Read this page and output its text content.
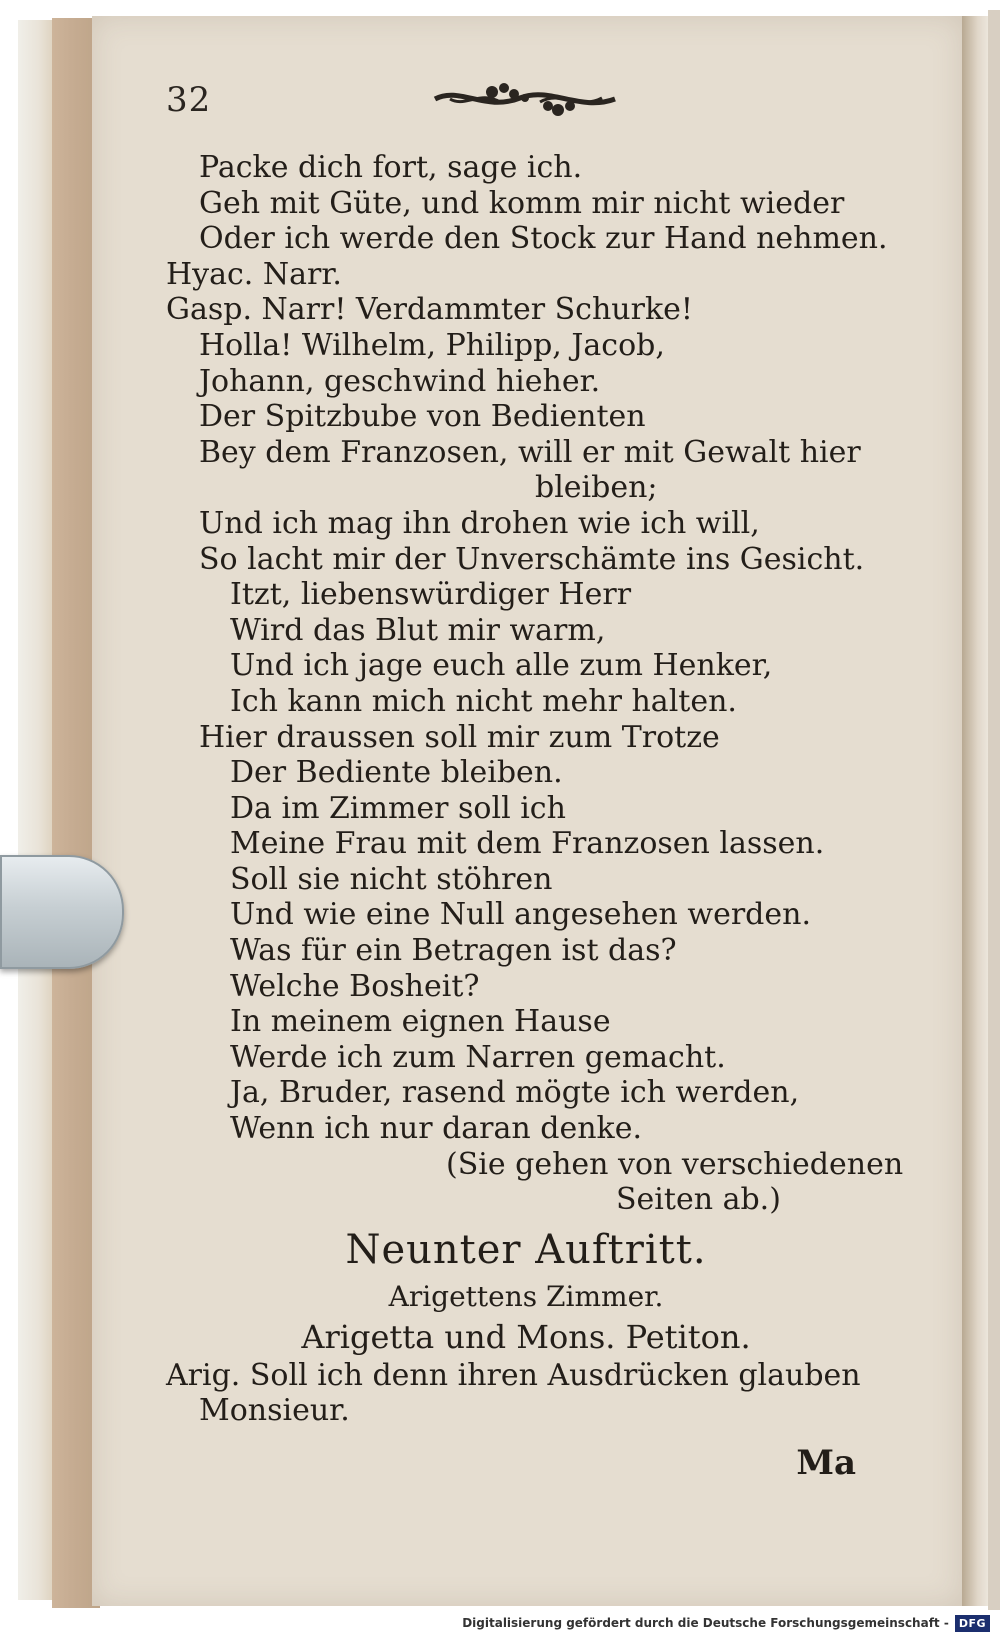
32
Packe dich fort, sage ich.
Geh mit Güte, und komm mir nicht wieder
Oder ich werde den Stock zur Hand nehmen.
Hyac. Narr.
Gasp. Narr! Verdammter Schurke!
Holla! Wilhelm, Philipp, Jacob,
Johann, geschwind hieher.
Der Spitzbube von Bedienten
Bey dem Franzosen, will er mit Gewalt hier
bleiben;
Und ich mag ihn drohen wie ich will,
So lacht mir der Unverschämte ins Gesicht.
Itzt, liebenswürdiger Herr
Wird das Blut mir warm,
Und ich jage euch alle zum Henker,
Ich kann mich nicht mehr halten.
Hier draussen soll mir zum Trotze
Der Bediente bleiben.
Da im Zimmer soll ich
Meine Frau mit dem Franzosen lassen.
Soll sie nicht stöhren
Und wie eine Null angesehen werden.
Was für ein Betragen ist das?
Welche Bosheit?
In meinem eignen Hause
Werde ich zum Narren gemacht.
Ja, Bruder, rasend mögte ich werden,
Wenn ich nur daran denke.
(Sie gehen von verschiedenen
Seiten ab.)
Neunter Auftritt.
Arigettens Zimmer.
Arigetta und Mons. Petiton.
Arig. Soll ich denn ihren Ausdrücken glauben
Monsieur.
Ma
Digitalisierung gefördert durch die Deutsche Forschungsgemeinschaft - DFG
